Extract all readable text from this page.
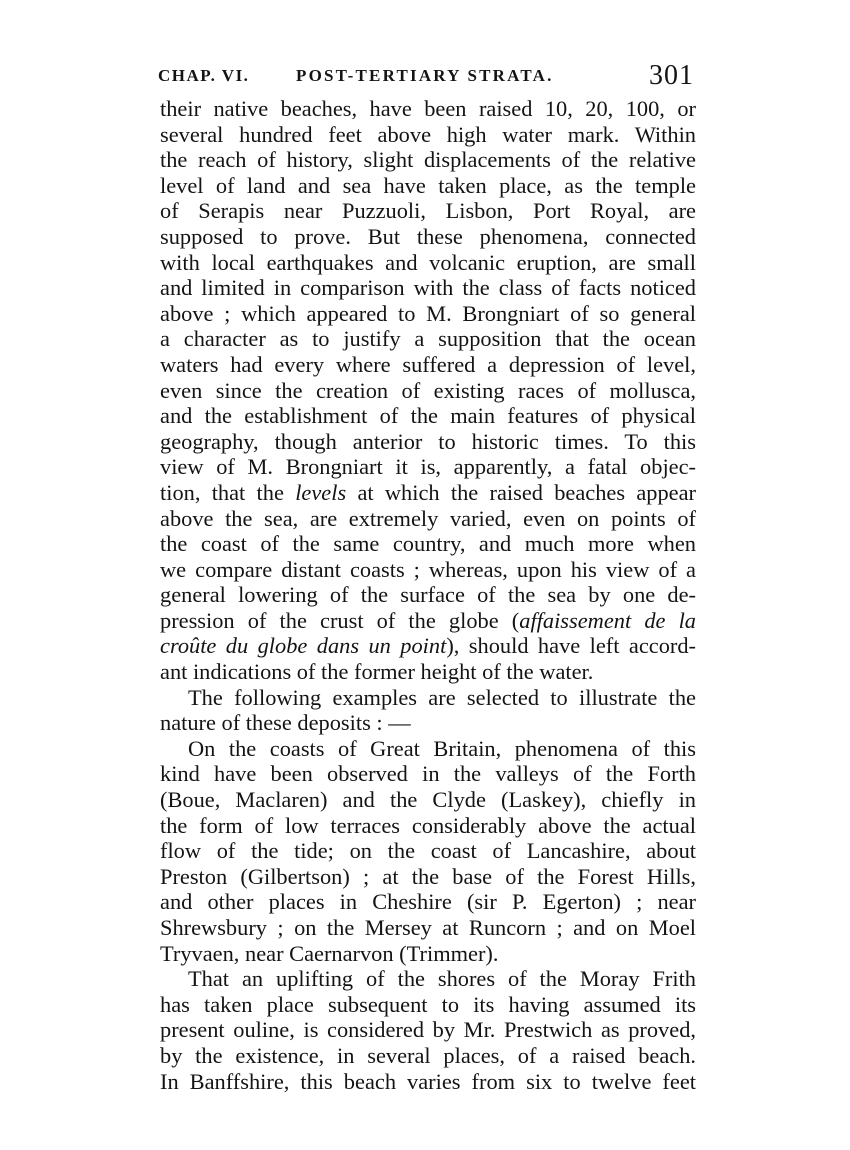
CHAP. VI.	POST-TERTIARY STRATA.	301
their native beaches, have been raised 10, 20, 100, or
several hundred feet above high water mark. Within
the reach of history, slight displacements of the relative
level of land and sea have taken place, as the temple
of Serapis near Puzzuoli, Lisbon, Port Royal, are
supposed to prove. But these phenomena, connected
with local earthquakes and volcanic eruption, are small
and limited in comparison with the class of facts noticed
above ; which appeared to M. Brongniart of so general
a character as to justify a supposition that the ocean
waters had every where suffered a depression of level,
even since the creation of existing races of mollusca,
and the establishment of the main features of physical
geography, though anterior to historic times. To this
view of M. Brongniart it is, apparently, a fatal objec-
tion, that the levels at which the raised beaches appear
above the sea, are extremely varied, even on points of
the coast of the same country, and much more when
we compare distant coasts ; whereas, upon his view of a
general lowering of the surface of the sea by one de-
pression of the crust of the globe (affaissement de la
croûte du globe dans un point), should have left accord-
ant indications of the former height of the water.
The following examples are selected to illustrate the
nature of these deposits : —
On the coasts of Great Britain, phenomena of this
kind have been observed in the valleys of the Forth
(Boue, Maclaren) and the Clyde (Laskey), chiefly in
the form of low terraces considerably above the actual
flow of the tide; on the coast of Lancashire, about
Preston (Gilbertson) ; at the base of the Forest Hills,
and other places in Cheshire (sir P. Egerton) ; near
Shrewsbury ; on the Mersey at Runcorn ; and on Moel
Tryvaen, near Caernarvon (Trimmer).
That an uplifting of the shores of the Moray Frith
has taken place subsequent to its having assumed its
present ouline, is considered by Mr. Prestwich as proved,
by the existence, in several places, of a raised beach.
In Banffshire, this beach varies from six to twelve feet
